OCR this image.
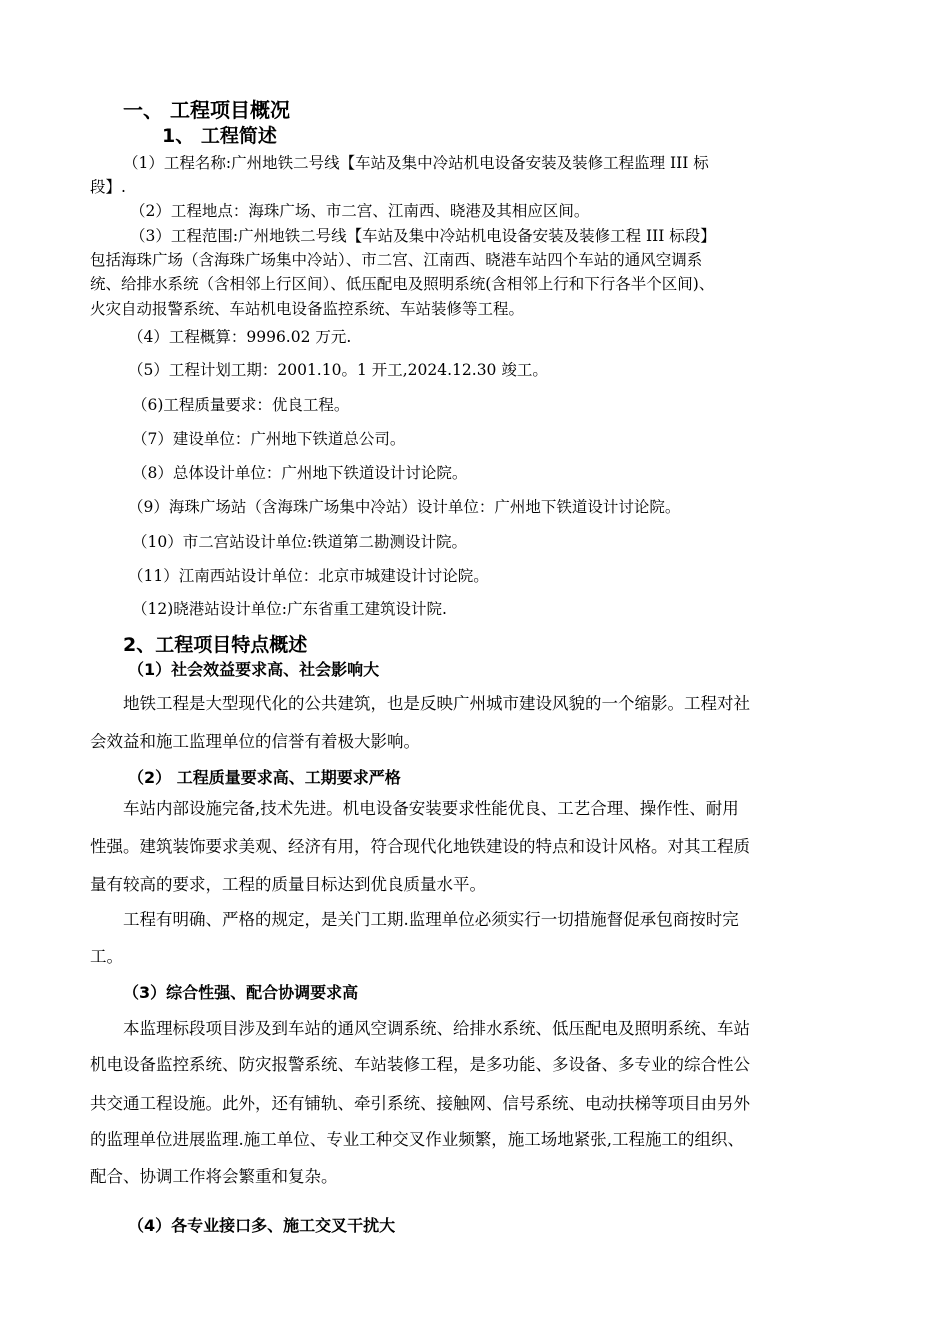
一、 工程项目概况
1、 工程简述
（1）工程名称:广州地铁二号线【车站及集中冷站机电设备安装及装修工程监理 III 标
段】.
（2）工程地点：海珠广场、市二宫、江南西、晓港及其相应区间。
（3）工程范围:广州地铁二号线【车站及集中冷站机电设备安装及装修工程 III 标段】
包括海珠广场（含海珠广场集中冷站）、市二宫、江南西、晓港车站四个车站的通风空调系
统、给排水系统（含相邻上行区间）、低压配电及照明系统(含相邻上行和下行各半个区间)、
火灾自动报警系统、车站机电设备监控系统、车站装修等工程。
（4）工程概算：9996.02 万元.
（5）工程计划工期：2001.10。1 开工,2024.12.30 竣工。
（6)工程质量要求：优良工程。
（7）建设单位：广州地下铁道总公司。
（8）总体设计单位：广州地下铁道设计讨论院。
（9）海珠广场站（含海珠广场集中冷站）设计单位：广州地下铁道设计讨论院。
（10）市二宫站设计单位:铁道第二勘测设计院。
（11）江南西站设计单位：北京市城建设计讨论院。
（12)晓港站设计单位:广东省重工建筑设计院.
2、工程项目特点概述
（1）社会效益要求高、社会影响大
地铁工程是大型现代化的公共建筑，也是反映广州城市建设风貌的一个缩影。工程对社
会效益和施工监理单位的信誉有着极大影响。
（2） 工程质量要求高、工期要求严格
车站内部设施完备,技术先进。机电设备安装要求性能优良、工艺合理、操作性、耐用
性强。建筑装饰要求美观、经济有用，符合现代化地铁建设的特点和设计风格。对其工程质
量有较高的要求，工程的质量目标达到优良质量水平。
工程有明确、严格的规定，是关门工期.监理单位必须实行一切措施督促承包商按时完
工。
（3）综合性强、配合协调要求高
本监理标段项目涉及到车站的通风空调系统、给排水系统、低压配电及照明系统、车站
机电设备监控系统、防灾报警系统、车站装修工程，是多功能、多设备、多专业的综合性公
共交通工程设施。此外，还有铺轨、牵引系统、接触网、信号系统、电动扶梯等项目由另外
的监理单位进展监理.施工单位、专业工种交叉作业频繁，施工场地紧张,工程施工的组织、
配合、协调工作将会繁重和复杂。
（4）各专业接口多、施工交叉干扰大
